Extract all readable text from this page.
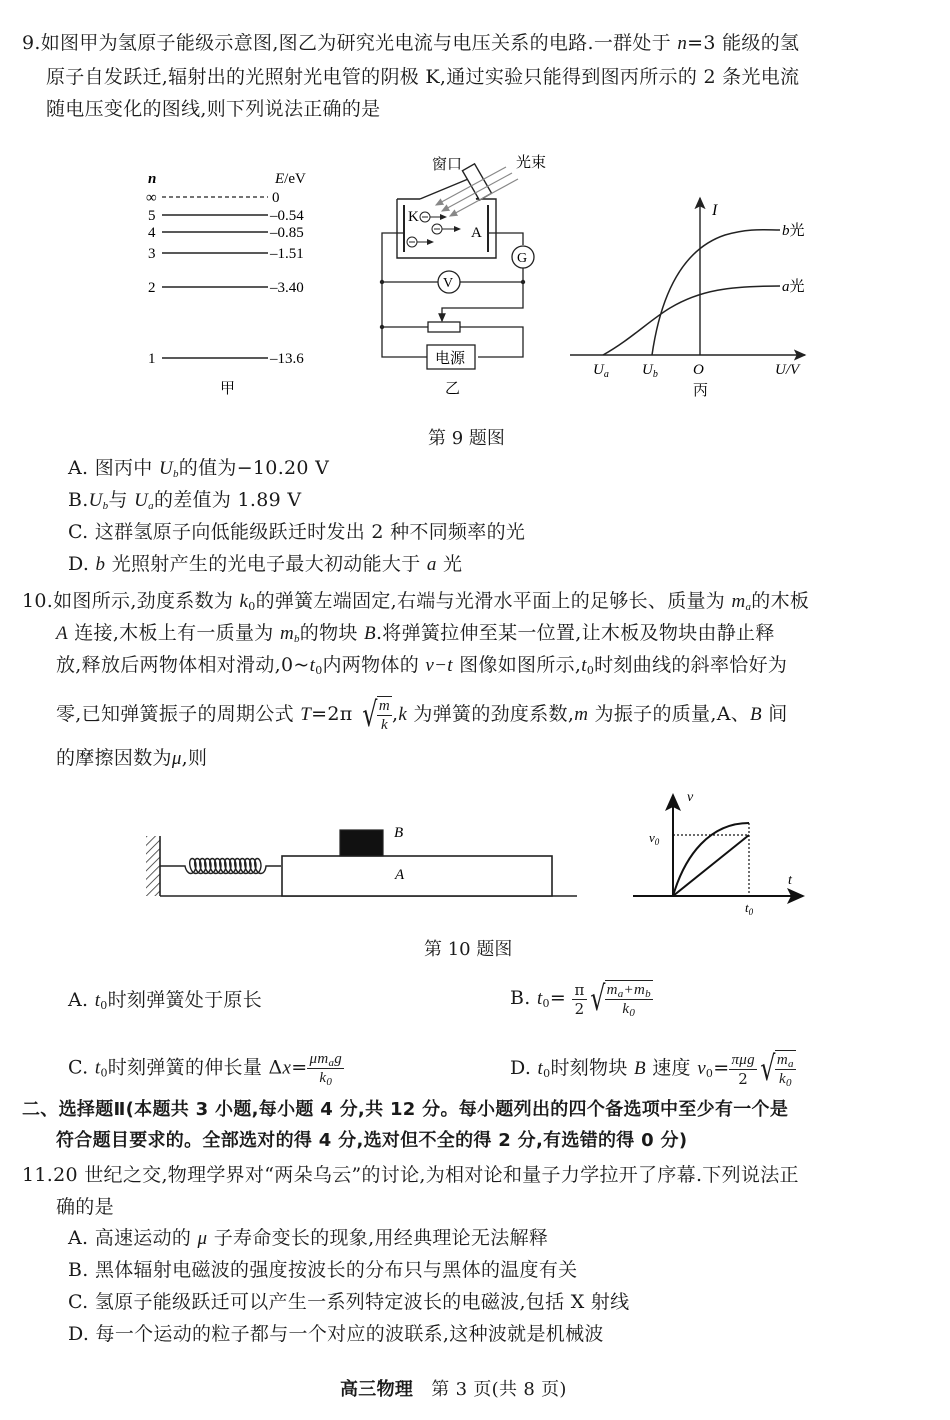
9.如图甲为氢原子能级示意图,图乙为研究光电流与电压关系的电路.一群处于 n=3 能级的氢
原子自发跃迁,辐射出的光照射光电管的阴极 K,通过实验只能得到图丙所示的 2 条光电流
随电压变化的图线,则下列说法正确的是
n	E/eV
∞	0
5	–0.54
4	–0.85
3	–1.51
2	–3.40
1	–13.6
甲
窗口	光束
K
A
G
V
电源
乙
I
b光
a光
$U_a$ $U_b$ O	U/V
丙
第 9 题图
A. 图丙中 $U_b$的值为−10.20 V
$B.U_b$与 $U_a$的差值为 1.89 V
C. 这群氢原子向低能级跃迁时发出 2 种不同频率的光
D. b 光照射产生的光电子最大初动能大于 a 光
10.如图所示,劲度系数为 $k_0$的弹簧左端固定,右端与光滑水平面上的足够长、质量为 $m_a$的木板
A 连接,木板上有一质量为 $m_b$的物块 B.将弹簧拉伸至某一位置,让木板及物块由静止释
放,释放后两物体相对滑动$,0\sim t_0$内两物体的 v−t 图像如图所示$,t_0$时刻曲线的斜率恰好为
零,已知弹簧振子的周期公式 T=2π √ $\frac{m}{k} ,k$ 为弹簧的劲度系数,m 为振子的质量,A、B 间
的摩擦因数为μ,则
B
A
v
t
$v_0$
$t_0$
第 10 题图
A. $t_0$时刻弹簧处于原长	B. $t_0= \frac{\pi}{2}$ √ $\frac{m_a+m_b}{k_0}$
C. $t_0$时刻弹簧的伸长量 $\Delta x= \frac{\mu m_ag}{k_0}$	D. $t_0$时刻物块 B 速度 $v_0= \frac{\text{πμg}}{2}$ √ $\frac{m_a}{k_0}$
二、选择题Ⅱ(本题共 3 小题,每小题 4 分,共 12 分。每小题列出的四个备选项中至少有一个是
符合题目要求的。全部选对的得 4 分,选对但不全的得 2 分,有选错的得 0 分)
11.20 世纪之交,物理学界对“两朵乌云”的讨论,为相对论和量子力学拉开了序幕.下列说法正
确的是
A. 高速运动的 μ 子寿命变长的现象,用经典理论无法解释
B. 黑体辐射电磁波的强度按波长的分布只与黑体的温度有关
C. 氢原子能级跃迁可以产生一系列特定波长的电磁波,包括 X 射线
D. 每一个运动的粒子都与一个对应的波联系,这种波就是机械波
高三物理 第 3 页(共 8 页)
